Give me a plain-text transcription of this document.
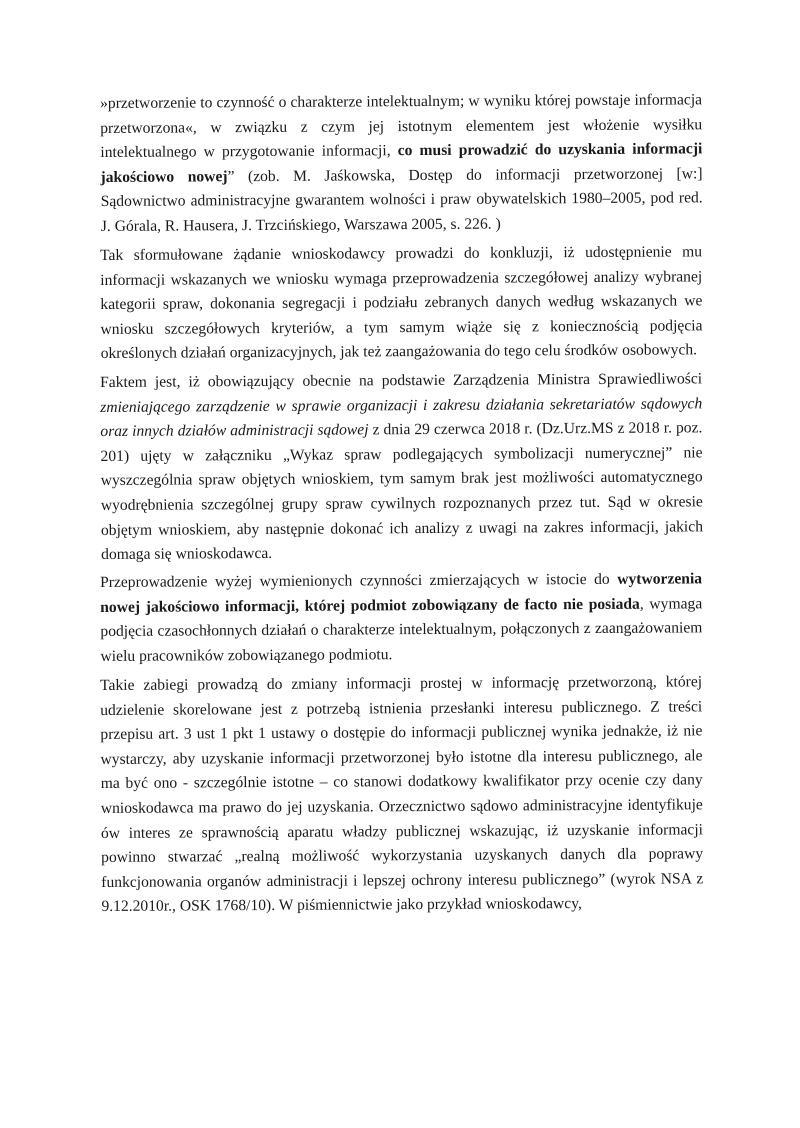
»przetworzenie to czynność o charakterze intelektualnym; w wyniku której powstaje informacja przetworzona«, w związku z czym jej istotnym elementem jest włożenie wysiłku intelektualnego w przygotowanie informacji, co musi prowadzić do uzyskania informacji jakościowo nowej” (zob. M. Jaśkowska, Dostęp do informacji przetworzonej [w:] Sądownictwo administracyjne gwarantem wolności i praw obywatelskich 1980–2005, pod red. J. Górala, R. Hausera, J. Trzcińskiego, Warszawa 2005, s. 226. )

Tak sformułowane żądanie wnioskodawcy prowadzi do konkluzji, iż udostępnienie mu informacji wskazanych we wniosku wymaga przeprowadzenia szczegółowej analizy wybranej kategorii spraw, dokonania segregacji i podziału zebranych danych według wskazanych we wniosku szczegółowych kryteriów, a tym samym wiąże się z koniecznością podjęcia określonych działań organizacyjnych, jak też zaangażowania do tego celu środków osobowych.

Faktem jest, iż obowiązujący obecnie na podstawie Zarządzenia Ministra Sprawiedliwości zmieniającego zarządzenie w sprawie organizacji i zakresu działania sekretariatów sądowych oraz innych działów administracji sądowej z dnia 29 czerwca 2018 r. (Dz.Urz.MS z 2018 r. poz. 201) ujęty w załączniku „Wykaz spraw podlegających symbolizacji numerycznej” nie wyszczególnia spraw objętych wnioskiem, tym samym brak jest możliwości automatycznego wyodrębnienia szczególnej grupy spraw cywilnych rozpoznanych przez tut. Sąd w okresie objętym wnioskiem, aby następnie dokonać ich analizy z uwagi na zakres informacji, jakich domaga się wnioskodawca.

Przeprowadzenie wyżej wymienionych czynności zmierzających w istocie do wytworzenia nowej jakościowo informacji, której podmiot zobowiązany de facto nie posiada, wymaga podjęcia czasochłonnych działań o charakterze intelektualnym, połączonych z zaangażowaniem wielu pracowników zobowiązanego podmiotu.

Takie zabiegi prowadzą do zmiany informacji prostej w informację przetworzoną, której udzielenie skorelowane jest z potrzebą istnienia przesłanki interesu publicznego. Z treści przepisu art. 3 ust 1 pkt 1 ustawy o dostępie do informacji publicznej wynika jednakże, iż nie wystarczy, aby uzyskanie informacji przetworzonej było istotne dla interesu publicznego, ale ma być ono - szczególnie istotne – co stanowi dodatkowy kwalifikator przy ocenie czy dany wnioskodawca ma prawo do jej uzyskania. Orzecznictwo sądowo administracyjne identyfikuje ów interes ze sprawnością aparatu władzy publicznej wskazując, iż uzyskanie informacji powinno stwarzać „realną możliwość wykorzystania uzyskanych danych dla poprawy funkcjonowania organów administracji i lepszej ochrony interesu publicznego” (wyrok NSA z 9.12.2010r., OSK 1768/10). W piśmiennictwie jako przykład wnioskodawcy,
